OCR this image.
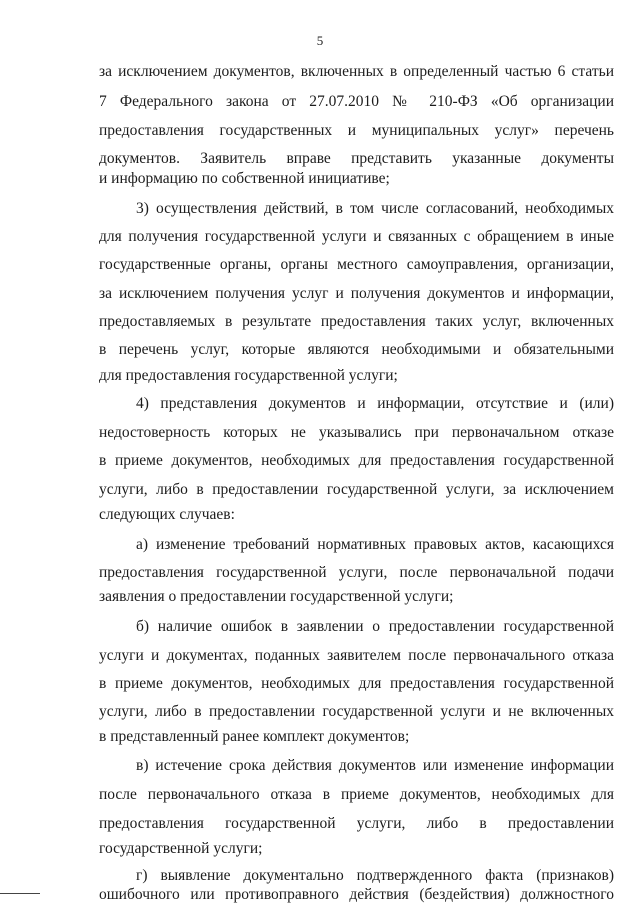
5
за исключением документов, включенных в определенный частью 6 статьи
7 Федерального закона от 27.07.2010 № 210-ФЗ «Об организации
предоставления государственных и муниципальных услуг» перечень
документов. Заявитель вправе представить указанные документы
и информацию по собственной инициативе;
3) осуществления действий, в том числе согласований, необходимых
для получения государственной услуги и связанных с обращением в иные
государственные органы, органы местного самоуправления, организации,
за исключением получения услуг и получения документов и информации,
предоставляемых в результате предоставления таких услуг, включенных
в перечень услуг, которые являются необходимыми и обязательными
для предоставления государственной услуги;
4) представления документов и информации, отсутствие и (или)
недостоверность которых не указывались при первоначальном отказе
в приеме документов, необходимых для предоставления государственной
услуги, либо в предоставлении государственной услуги, за исключением
следующих случаев:
а) изменение требований нормативных правовых актов, касающихся
предоставления государственной услуги, после первоначальной подачи
заявления о предоставлении государственной услуги;
б) наличие ошибок в заявлении о предоставлении государственной
услуги и документах, поданных заявителем после первоначального отказа
в приеме документов, необходимых для предоставления государственной
услуги, либо в предоставлении государственной услуги и не включенных
в представленный ранее комплект документов;
в) истечение срока действия документов или изменение информации
после первоначального отказа в приеме документов, необходимых для
предоставления государственной услуги, либо в предоставлении
государственной услуги;
г) выявление документально подтвержденного факта (признаков)
ошибочного или противоправного действия (бездействия) должностного
